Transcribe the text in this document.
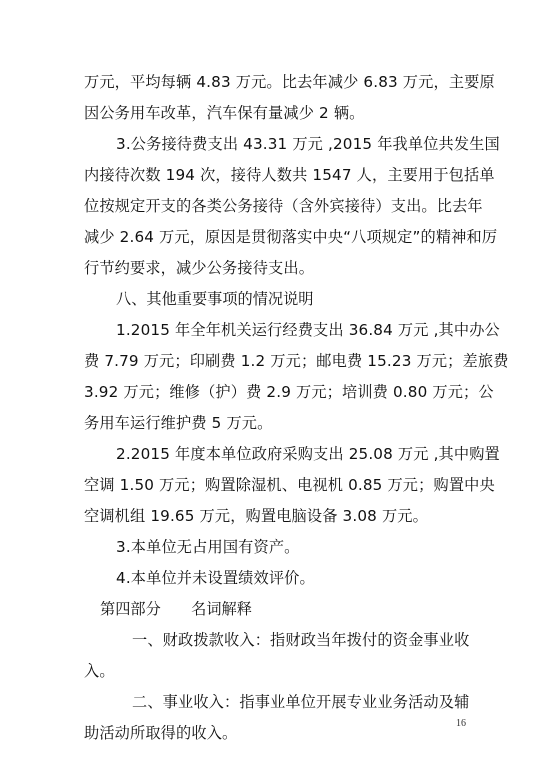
万元，平均每辆 4.83 万元。比去年减少 6.83 万元，主要原
因公务用车改革，汽车保有量减少 2 辆。
3.公务接待费支出 43.31 万元 ,2015 年我单位共发生国
内接待次数 194 次，接待人数共 1547 人，主要用于包括单
位按规定开支的各类公务接待（含外宾接待）支出。比去年
减少 2.64 万元，原因是贯彻落实中央“八项规定”的精神和厉
行节约要求，减少公务接待支出。
八、其他重要事项的情况说明
1.2015 年全年机关运行经费支出 36.84 万元 ,其中办公
费 7.79 万元；印刷费 1.2 万元；邮电费 15.23 万元；差旅费
3.92 万元；维修（护）费 2.9 万元；培训费 0.80 万元；公
务用车运行维护费 5 万元。
2.2015 年度本单位政府采购支出 25.08 万元 ,其中购置
空调 1.50 万元；购置除湿机、电视机 0.85 万元；购置中央
空调机组 19.65 万元，购置电脑设备 3.08 万元。
3.本单位无占用国有资产。
4.本单位并未设置绩效评价。
第四部分　　名词解释
一、财政拨款收入：指财政当年拨付的资金事业收
入。
二、事业收入：指事业单位开展专业业务活动及辅
助活动所取得的收入。
16
